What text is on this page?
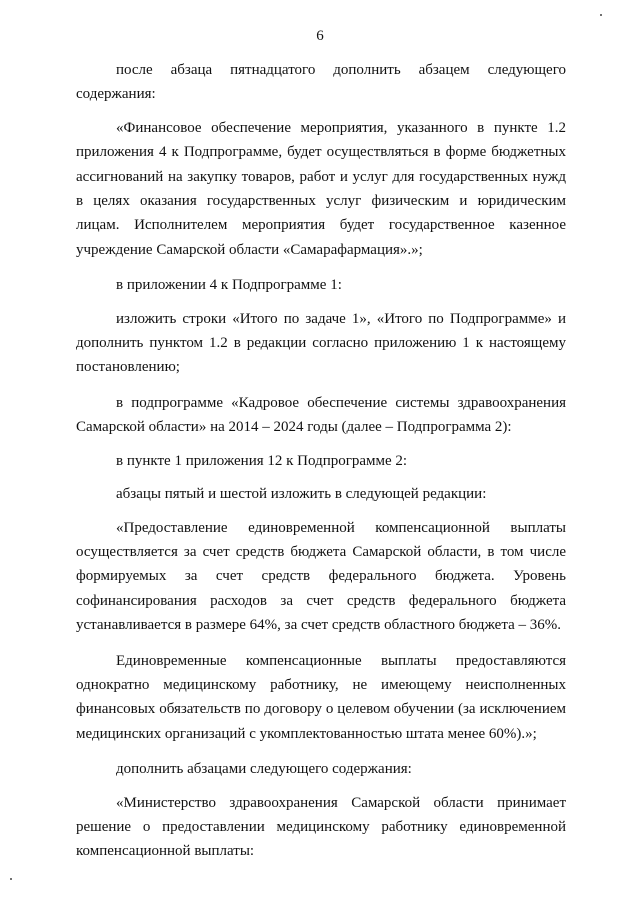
6

после абзаца пятнадцатого дополнить абзацем следующего содержания:

«Финансовое обеспечение мероприятия, указанного в пункте 1.2 приложения 4 к Подпрограмме, будет осуществляться в форме бюджетных ассигнований на закупку товаров, работ и услуг для государственных нужд в целях оказания государственных услуг физическим и юридическим лицам. Исполнителем мероприятия будет государственное казенное учреждение Самарской области «Самарафармация».»;

в приложении 4 к Подпрограмме 1:

изложить строки «Итого по задаче 1», «Итого по Подпрограмме» и дополнить пунктом 1.2 в редакции согласно приложению 1 к настоящему постановлению;

в подпрограмме «Кадровое обеспечение системы здравоохранения Самарской области» на 2014 – 2024 годы (далее – Подпрограмма 2):

в пункте 1 приложения 12 к Подпрограмме 2:

абзацы пятый и шестой изложить в следующей редакции:

«Предоставление единовременной компенсационной выплаты осуществляется за счет средств бюджета Самарской области, в том числе формируемых за счет средств федерального бюджета. Уровень софинансирования расходов за счет средств федерального бюджета устанавливается в размере 64%, за счет средств областного бюджета – 36%.

Единовременные компенсационные выплаты предоставляются однократно медицинскому работнику, не имеющему неисполненных финансовых обязательств по договору о целевом обучении (за исключением медицинских организаций с укомплектованностью штата менее 60%).»;

дополнить абзацами следующего содержания:

«Министерство здравоохранения Самарской области принимает решение о предоставлении медицинскому работнику единовременной компенсационной выплаты:
